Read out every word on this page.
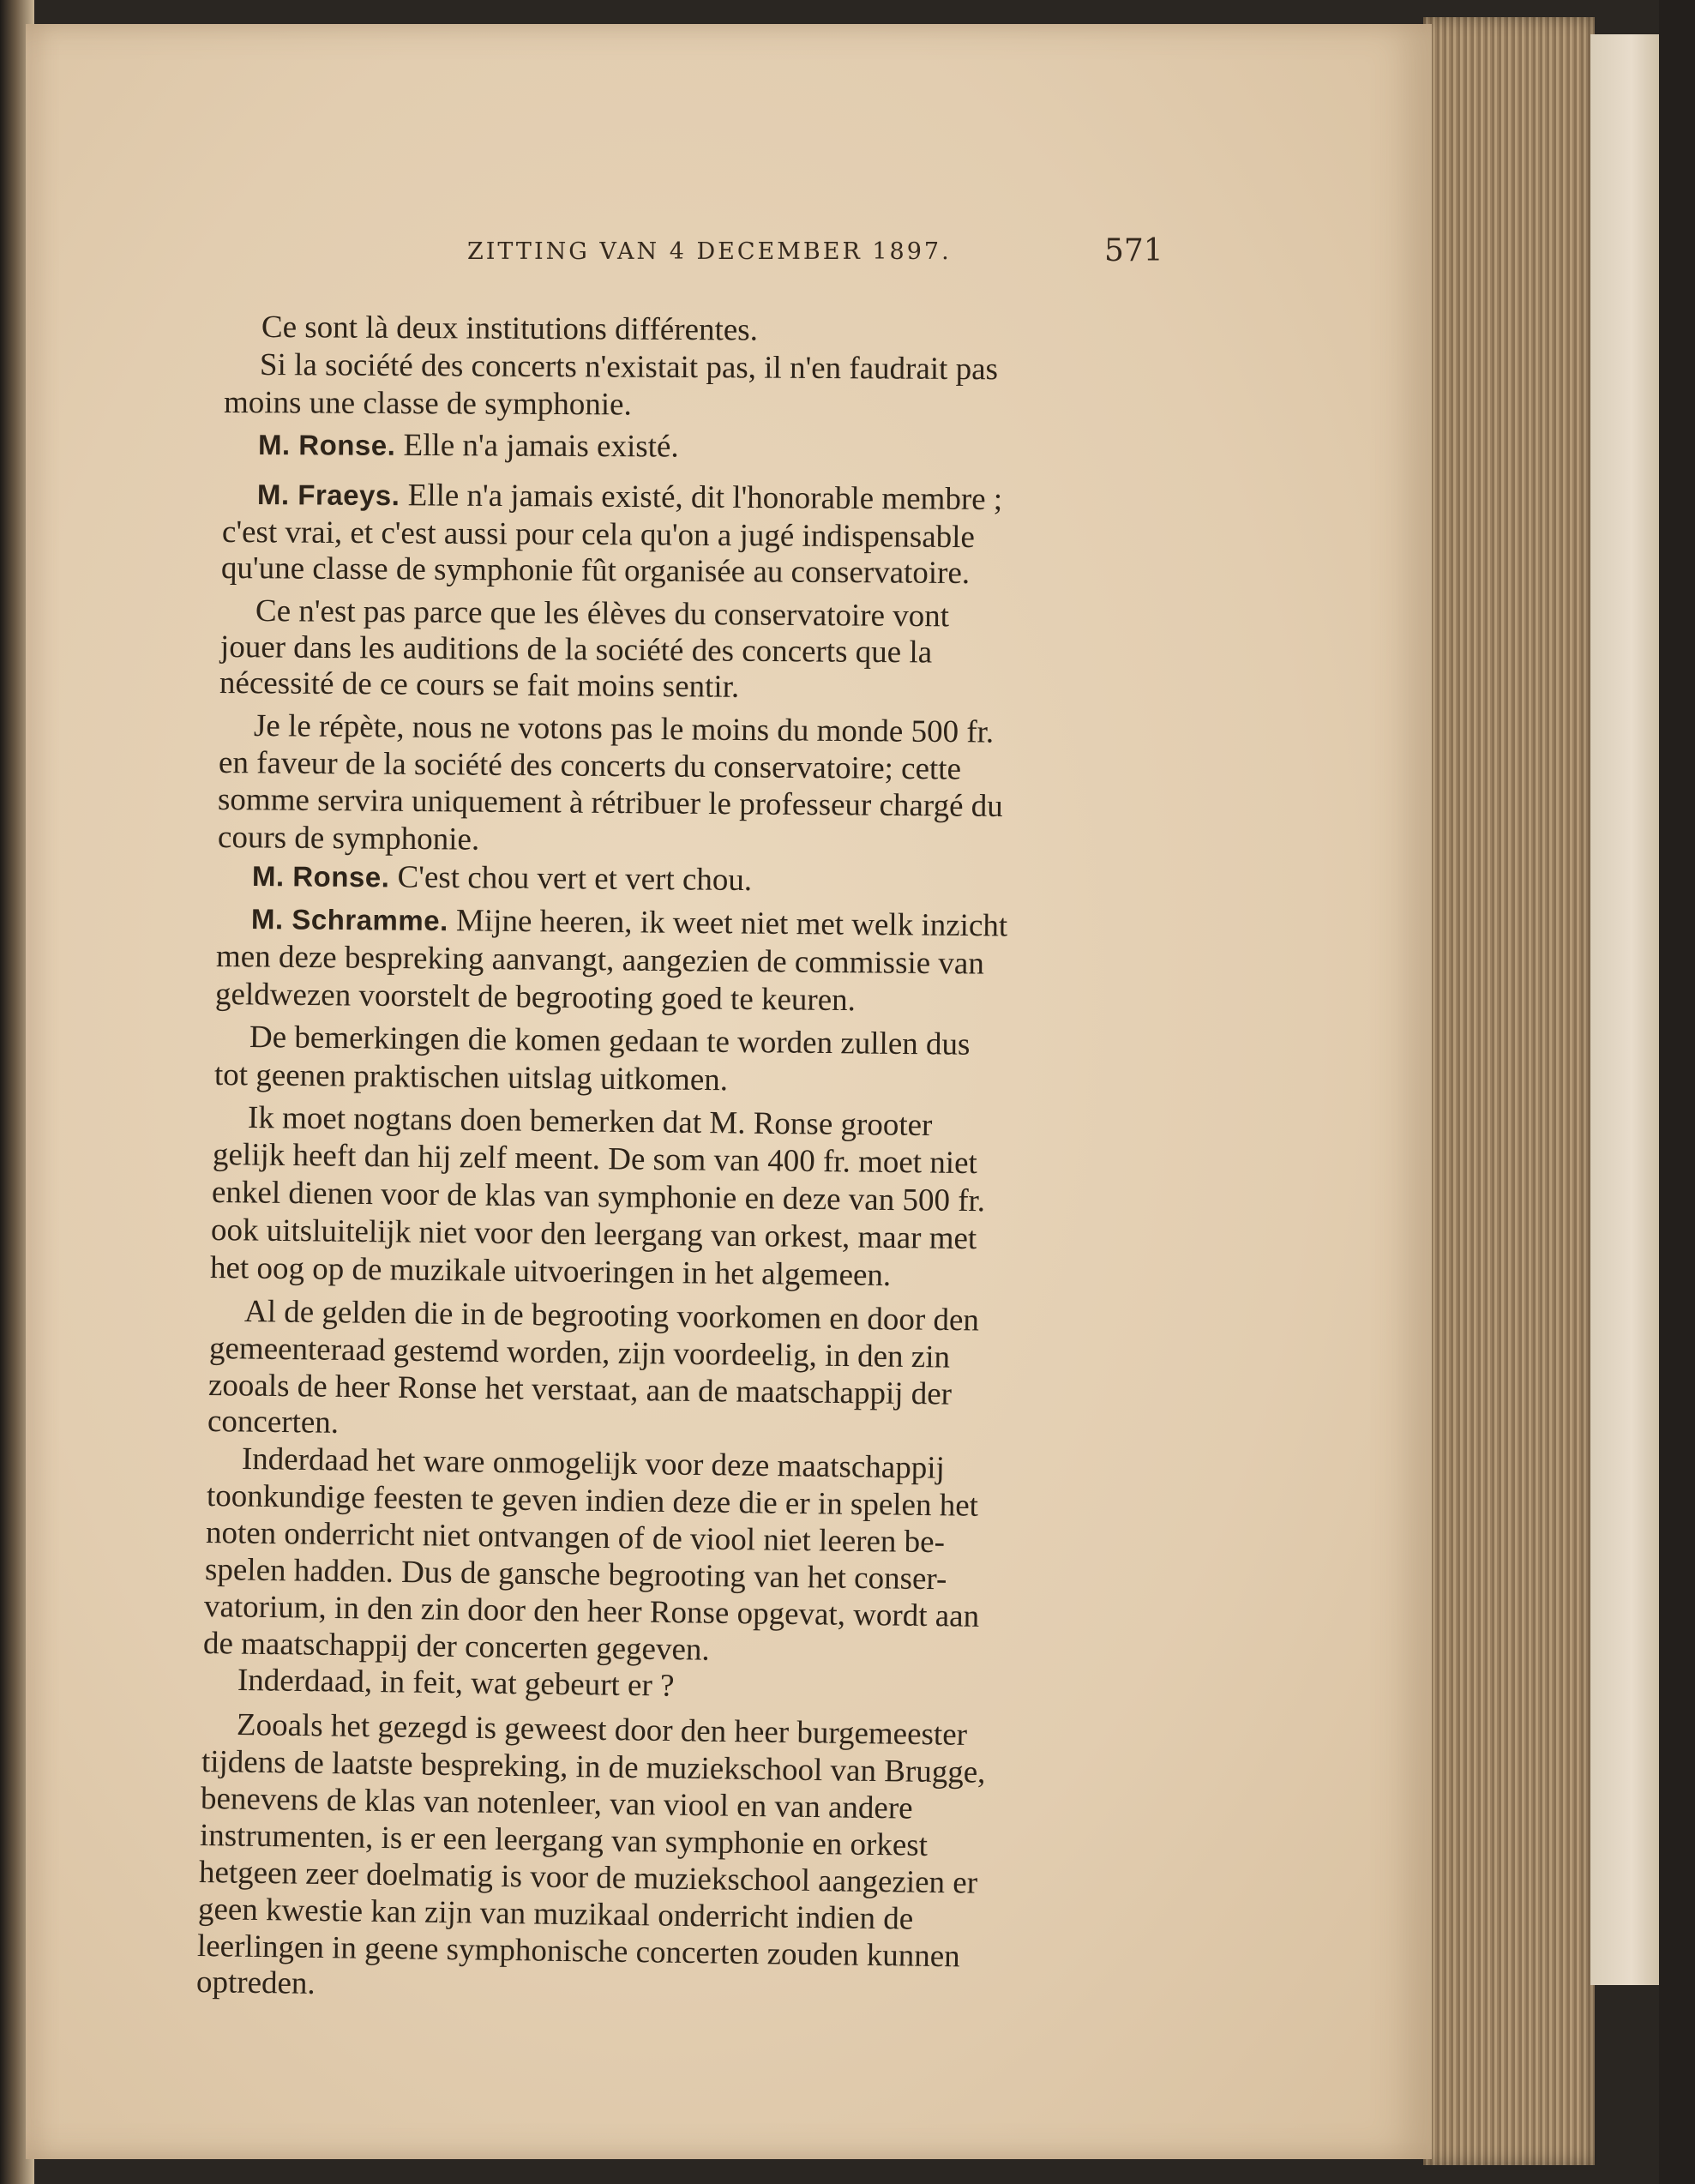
ZITTING VAN 4 DECEMBER 1897.	571
Ce sont là deux institutions différentes.
Si la société des concerts n'existait pas, il n'en faudrait pas
moins une classe de symphonie.
M. Ronse. Elle n'a jamais existé.
M. Fraeys. Elle n'a jamais existé, dit l'honorable membre ;
c'est vrai, et c'est aussi pour cela qu'on a jugé indispensable
qu'une classe de symphonie fût organisée au conservatoire.
Ce n'est pas parce que les élèves du conservatoire vont
jouer dans les auditions de la société des concerts que la
nécessité de ce cours se fait moins sentir.
Je le répète, nous ne votons pas le moins du monde 500 fr.
en faveur de la société des concerts du conservatoire; cette
somme servira uniquement à rétribuer le professeur chargé du
cours de symphonie.
M. Ronse. C'est chou vert et vert chou.
M. Schramme. Mijne heeren, ik weet niet met welk inzicht
men deze bespreking aanvangt, aangezien de commissie van
geldwezen voorstelt de begrooting goed te keuren.
De bemerkingen die komen gedaan te worden zullen dus
tot geenen praktischen uitslag uitkomen.
Ik moet nogtans doen bemerken dat M. Ronse grooter
gelijk heeft dan hij zelf meent. De som van 400 fr. moet niet
enkel dienen voor de klas van symphonie en deze van 500 fr.
ook uitsluitelijk niet voor den leergang van orkest, maar met
het oog op de muzikale uitvoeringen in het algemeen.
Al de gelden die in de begrooting voorkomen en door den
gemeenteraad gestemd worden, zijn voordeelig, in den zin
zooals de heer Ronse het verstaat, aan de maatschappij der
concerten.
Inderdaad het ware onmogelijk voor deze maatschappij
toonkundige feesten te geven indien deze die er in spelen het
noten onderricht niet ontvangen of de viool niet leeren be-
spelen hadden. Dus de gansche begrooting van het conser-
vatorium, in den zin door den heer Ronse opgevat, wordt aan
de maatschappij der concerten gegeven.
Inderdaad, in feit, wat gebeurt er ?
Zooals het gezegd is geweest door den heer burgemeester
tijdens de laatste bespreking, in de muziekschool van Brugge,
benevens de klas van notenleer, van viool en van andere
instrumenten, is er een leergang van symphonie en orkest
hetgeen zeer doelmatig is voor de muziekschool aangezien er
geen kwestie kan zijn van muzikaal onderricht indien de
leerlingen in geene symphonische concerten zouden kunnen
optreden.
